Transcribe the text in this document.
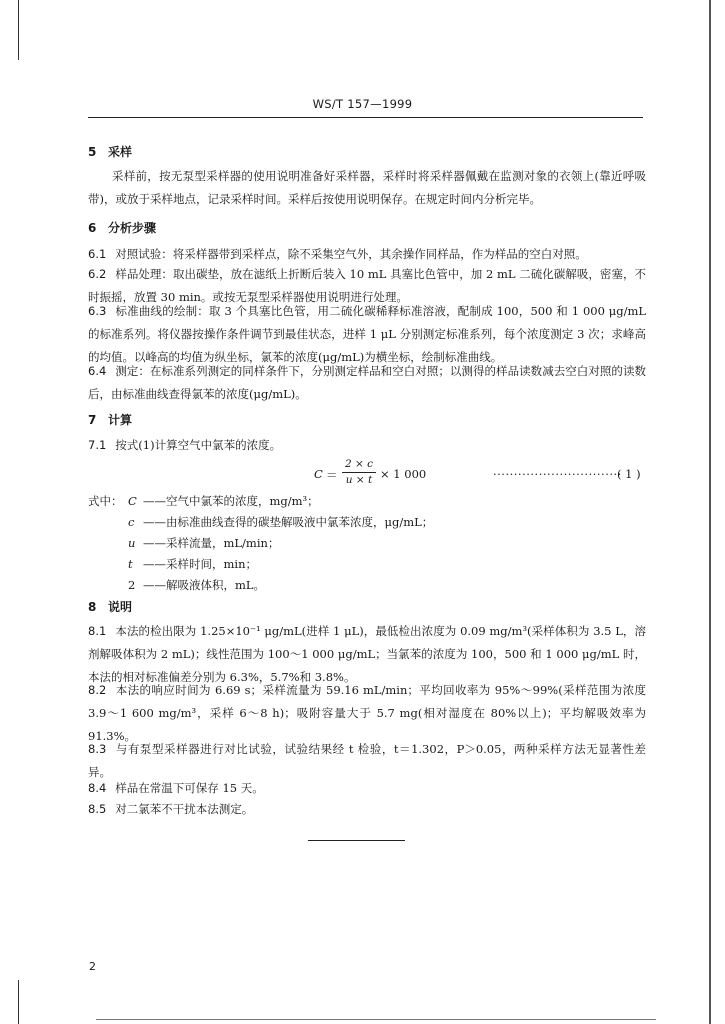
WS/T 157—1999
5 采样
采样前，按无泵型采样器的使用说明准备好采样器，采样时将采样器佩戴在监测对象的衣领上(靠近呼吸带)，或放于采样地点，记录采样时间。采样后按使用说明保存。在规定时间内分析完毕。
6 分析步骤
6.1 对照试验：将采样器带到采样点，除不采集空气外，其余操作同样品，作为样品的空白对照。
6.2 样品处理：取出碳垫，放在滤纸上折断后装入 10 mL 具塞比色管中，加 2 mL 二硫化碳解吸，密塞，不时振摇，放置 30 min。或按无泵型采样器使用说明进行处理。
6.3 标准曲线的绘制：取 3 个具塞比色管，用二硫化碳稀释标准溶液，配制成 100，500 和 1 000 μg/mL 的标准系列。将仪器按操作条件调节到最佳状态，进样 1 μL 分别测定标准系列，每个浓度测定 3 次；求峰高的均值。以峰高的均值为纵坐标，氯苯的浓度(μg/mL)为横坐标，绘制标准曲线。
6.4 测定：在标准系列测定的同样条件下，分别测定样品和空白对照；以测得的样品读数减去空白对照的读数后，由标准曲线查得氯苯的浓度(μg/mL)。
7 计算
7.1 按式(1)计算空气中氯苯的浓度。
C ＝
2 × c
u × t × 1 000	·······························
( 1 )
式中： C ——空气中氯苯的浓度，mg/m³；
c ——由标准曲线查得的碳垫解吸液中氯苯浓度，μg/mL；
u ——采样流量，mL/min；
t ——采样时间，min；
2 ——解吸液体积，mL。
8 说明
8.1 本法的检出限为 1.25×10⁻¹ μg/mL(进样 1 μL)，最低检出浓度为 0.09 mg/m³(采样体积为 3.5 L，溶剂解吸体积为 2 mL)；线性范围为 100～1 000 μg/mL；当氯苯的浓度为 100，500 和 1 000 μg/mL 时，本法的相对标准偏差分别为 6.3%，5.7%和 3.8%。
8.2 本法的响应时间为 6.69 s；采样流量为 59.16 mL/min；平均回收率为 95%～99%(采样范围为浓度 3.9～1 600 mg/m³，采样 6～8 h)；吸附容量大于 5.7 mg(相对湿度在 80%以上)；平均解吸效率为 91.3%。
8.3 与有泵型采样器进行对比试验，试验结果经 t 检验，t＝1.302，P＞0.05，两种采样方法无显著性差异。
8.4 样品在常温下可保存 15 天。
8.5 对二氯苯不干扰本法测定。
2
